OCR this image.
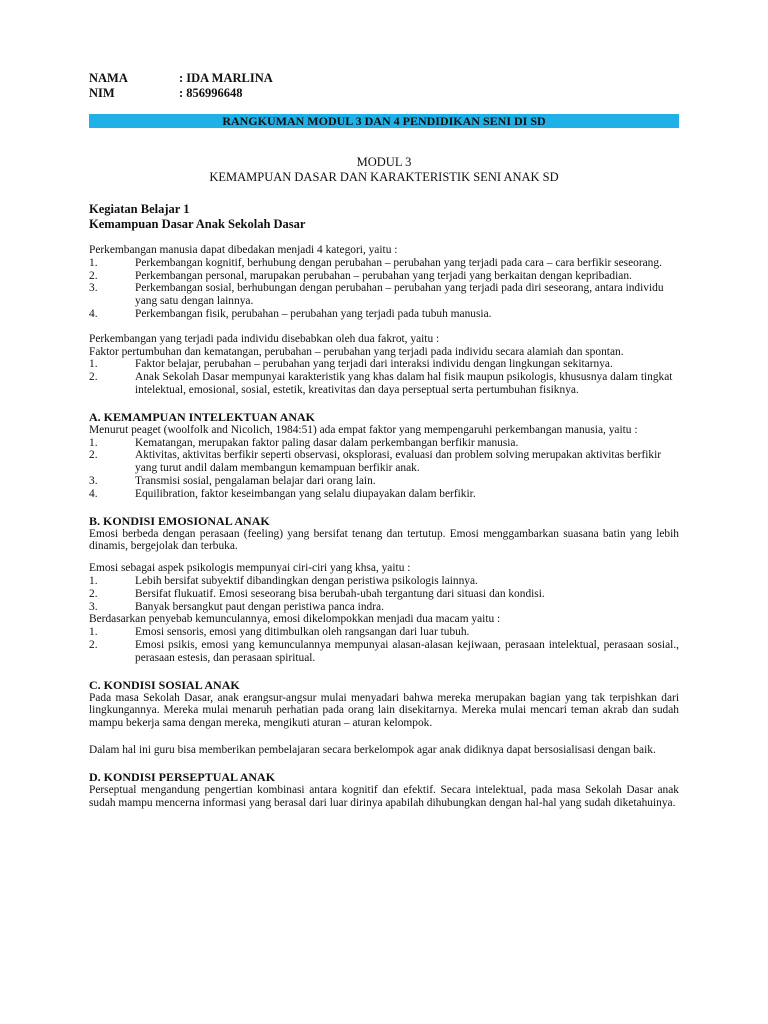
NAMA	: IDA MARLINA
NIM	: 856996648
RANGKUMAN MODUL 3 DAN 4 PENDIDIKAN SENI DI SD
MODUL 3
KEMAMPUAN DASAR DAN KARAKTERISTIK SENI ANAK SD
Kegiatan Belajar 1
Kemampuan Dasar Anak Sekolah Dasar

Perkembangan manusia dapat dibedakan menjadi 4 kategori, yaitu :

1.	Perkembangan kognitif, berhubung dengan perubahan – perubahan yang terjadi pada cara – cara berfikir seseorang.
2.	Perkembangan personal, marupakan perubahan – perubahan yang terjadi yang berkaitan dengan kepribadian.
3.	Perkembangan sosial, berhubungan dengan perubahan – perubahan yang terjadi pada diri seseorang, antara individu yang satu dengan lainnya.
4.	Perkembangan fisik, perubahan – perubahan yang terjadi pada tubuh manusia.

Perkembangan yang terjadi pada individu disebabkan oleh dua fakrot, yaitu :

Faktor pertumbuhan dan kematangan, perubahan – perubahan yang terjadi pada individu secara alamiah dan spontan.

1.	Faktor belajar, perubahan – perubahan yang terjadi dari interaksi individu dengan lingkungan sekitarnya.
2.	Anak Sekolah Dasar mempunyai karakteristik yang khas dalam hal fisik maupun psikologis, khususnya dalam tingkat intelektual, emosional, sosial, estetik, kreativitas dan daya perseptual serta pertumbuhan fisiknya.
A. KEMAMPUAN INTELEKTUAN ANAK

Menurut peaget (woolfolk and Nicolich, 1984:51) ada empat faktor yang mempengaruhi perkembangan manusia, yaitu :

1.	Kematangan, merupakan faktor paling dasar dalam perkembangan berfikir manusia.
2.	Aktivitas, aktivitas berfikir seperti observasi, oksplorasi, evaluasi dan problem solving merupakan aktivitas berfikir yang turut andil dalam membangun kemampuan berfikir anak.
3.	Transmisi sosial, pengalaman belajar dari orang lain.
4.	Equilibration, faktor keseimbangan yang selalu diupayakan dalam berfikir.
B. KONDISI EMOSIONAL ANAK

Emosi berbeda dengan perasaan (feeling) yang bersifat tenang dan tertutup. Emosi menggambarkan suasana batin yang lebih dinamis, bergejolak dan terbuka.

Emosi sebagai aspek psikologis mempunyai ciri-ciri yang khsa, yaitu :

1.	Lebih bersifat subyektif dibandingkan dengan peristiwa psikologis lainnya.
2.	Bersifat flukuatif. Emosi seseorang bisa berubah-ubah tergantung dari situasi dan kondisi.
3.	Banyak bersangkut paut dengan peristiwa panca indra.

Berdasarkan penyebab kemunculannya, emosi dikelompokkan menjadi dua macam yaitu :

1.	Emosi sensoris, emosi yang ditimbulkan oleh rangsangan dari luar tubuh.
2.	Emosi psikis, emosi yang kemunculannya mempunyai alasan-alasan kejiwaan, perasaan intelektual, perasaan sosial., perasaan estesis, dan perasaan spiritual.
C. KONDISI SOSIAL ANAK

Pada masa Sekolah Dasar, anak erangsur-angsur mulai menyadari bahwa mereka merupakan bagian yang tak terpishkan dari lingkungannya. Mereka mulai menaruh perhatian pada orang lain disekitarnya. Mereka mulai mencari teman akrab dan sudah mampu bekerja sama dengan mereka, mengikuti aturan – aturan kelompok.

Dalam hal ini guru bisa memberikan pembelajaran secara berkelompok agar anak didiknya dapat bersosialisasi dengan baik.

D. KONDISI PERSEPTUAL ANAK

Perseptual mengandung pengertian kombinasi antara kognitif dan efektif. Secara intelektual, pada masa Sekolah Dasar anak sudah mampu mencerna informasi yang berasal dari luar dirinya apabilah dihubungkan dengan hal-hal yang sudah diketahuinya.
